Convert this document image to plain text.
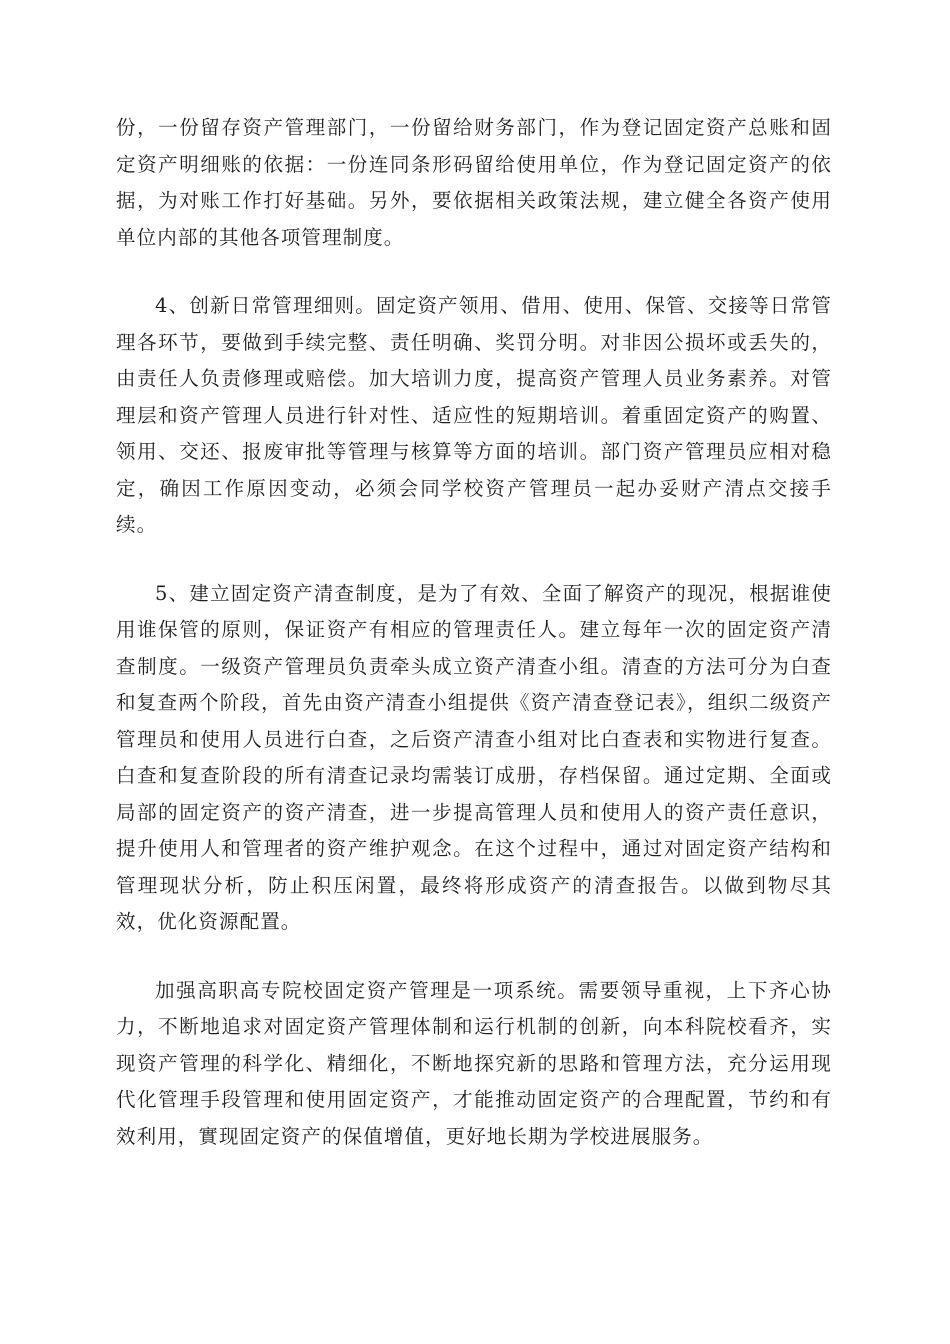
份，一份留存资产管理部门，一份留给财务部门，作为登记固定资产总账和固定资产明细账的依据：一份连同条形码留给使用单位，作为登记固定资产的依据，为对账工作打好基础。另外，要依据相关政策法规，建立健全各资产使用单位内部的其他各项管理制度。

4、创新日常管理细则。固定资产领用、借用、使用、保管、交接等日常管理各环节，要做到手续完整、责任明确、奖罚分明。对非因公损坏或丢失的，由责任人负责修理或赔偿。加大培训力度，提高资产管理人员业务素养。对管理层和资产管理人员进行针对性、适应性的短期培训。着重固定资产的购置、领用、交还、报废审批等管理与核算等方面的培训。部门资产管理员应相对稳定，确因工作原因变动，必须会同学校资产管理员一起办妥财产清点交接手续。

5、建立固定资产清查制度，是为了有效、全面了解资产的现况，根据谁使用谁保管的原则，保证资产有相应的管理责任人。建立每年一次的固定资产清查制度。一级资产管理员负责牵头成立资产清查小组。清查的方法可分为白查和复查两个阶段，首先由资产清查小组提供《资产清查登记表》，组织二级资产管理员和使用人员进行白查，之后资产清查小组对比白查表和实物进行复查。白查和复查阶段的所有清查记录均需装订成册，存档保留。通过定期、全面或局部的固定资产的资产清查，进一步提高管理人员和使用人的资产责任意识，提升使用人和管理者的资产维护观念。在这个过程中，通过对固定资产结构和管理现状分析，防止积压闲置，最终将形成资产的清查报告。以做到物尽其效，优化资源配置。

加强高职高专院校固定资产管理是一项系统。需要领导重视，上下齐心协力，不断地追求对固定资产管理体制和运行机制的创新，向本科院校看齐，实现资产管理的科学化、精细化，不断地探究新的思路和管理方法，充分运用现代化管理手段管理和使用固定资产，才能推动固定资产的合理配置，节约和有效利用，實现固定资产的保值增值，更好地长期为学校进展服务。
